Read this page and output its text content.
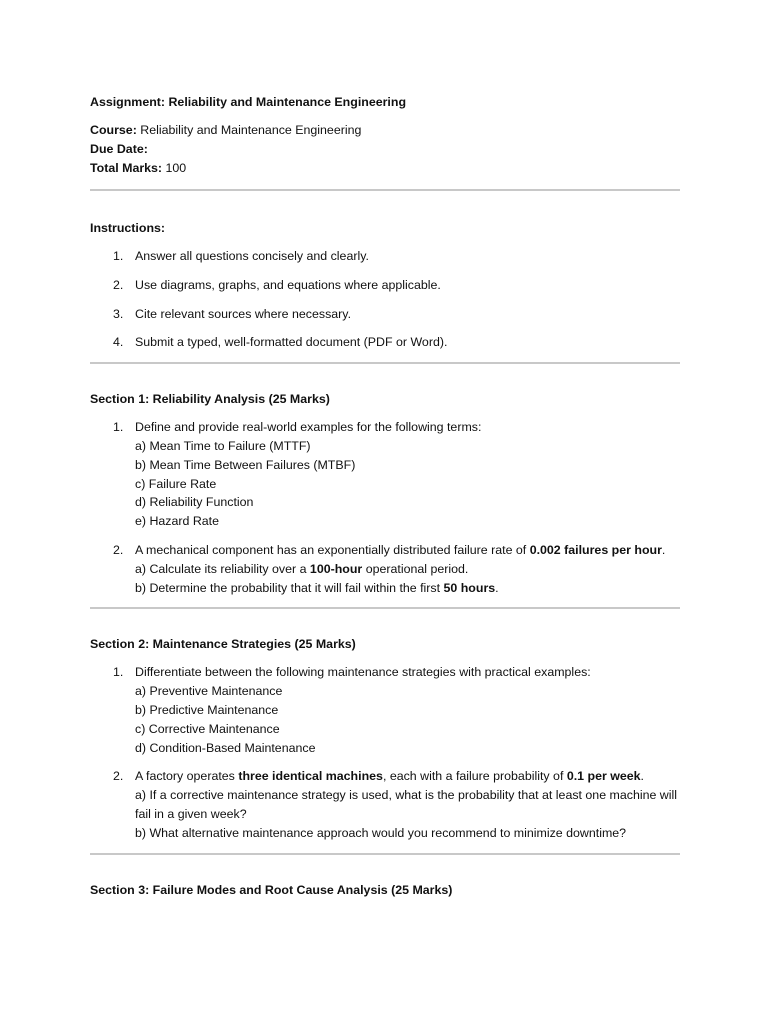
Assignment: Reliability and Maintenance Engineering

Course: Reliability and Maintenance Engineering
Due Date:
Total Marks: 100

Instructions:

1. Answer all questions concisely and clearly.
2. Use diagrams, graphs, and equations where applicable.
3. Cite relevant sources where necessary.
4. Submit a typed, well-formatted document (PDF or Word).

Section 1: Reliability Analysis (25 Marks)

1. Define and provide real-world examples for the following terms:
a) Mean Time to Failure (MTTF)
b) Mean Time Between Failures (MTBF)
c) Failure Rate
d) Reliability Function
e) Hazard Rate
2. A mechanical component has an exponentially distributed failure rate of 0.002 failures per hour.
a) Calculate its reliability over a 100-hour operational period.
b) Determine the probability that it will fail within the first 50 hours.

Section 2: Maintenance Strategies (25 Marks)

1. Differentiate between the following maintenance strategies with practical examples:
a) Preventive Maintenance
b) Predictive Maintenance
c) Corrective Maintenance
d) Condition-Based Maintenance
2. A factory operates three identical machines, each with a failure probability of 0.1 per week.
a) If a corrective maintenance strategy is used, what is the probability that at least one machine will fail in a given week?
b) What alternative maintenance approach would you recommend to minimize downtime?

Section 3: Failure Modes and Root Cause Analysis (25 Marks)
